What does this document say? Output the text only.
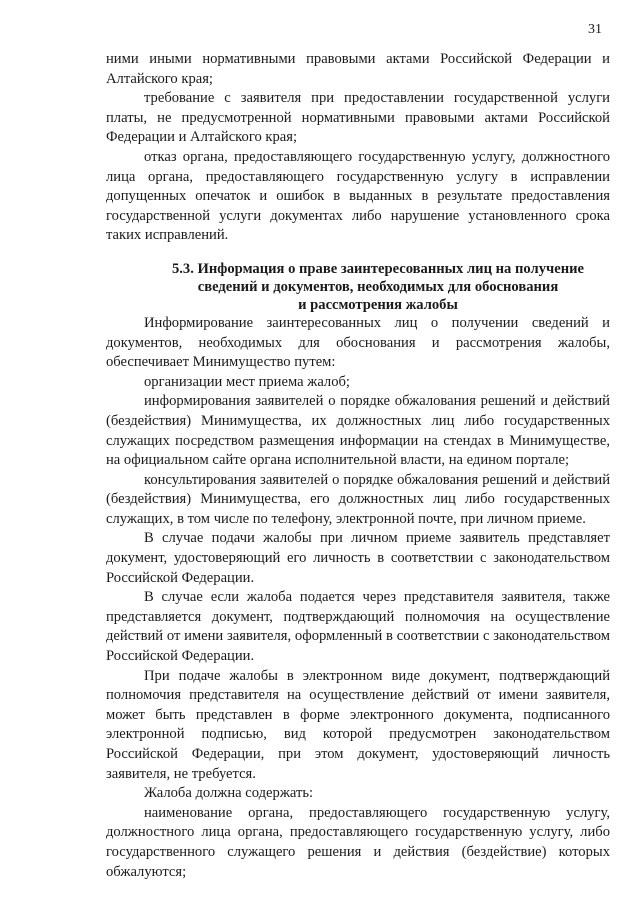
31

ними иными нормативными правовыми актами Российской Федерации и Алтайского края;

требование с заявителя при предоставлении государственной услуги платы, не предусмотренной нормативными правовыми актами Российской Федерации и Алтайского края;

отказ органа, предоставляющего государственную услугу, должностного лица органа, предоставляющего государственную услугу в исправлении допущенных опечаток и ошибок в выданных в результате предоставления государственной услуги документах либо нарушение установленного срока таких исправлений.

5.3. Информация о праве заинтересованных лиц на получение
сведений и документов, необходимых для обоснования
и рассмотрения жалобы

Информирование заинтересованных лиц о получении сведений и документов, необходимых для обоснования и рассмотрения жалобы, обеспечивает Минимущество путем:

организации мест приема жалоб;

информирования заявителей о порядке обжалования решений и действий (бездействия) Минимущества, их должностных лиц либо государственных служащих посредством размещения информации на стендах в Минимуществе, на официальном сайте органа исполнительной власти, на едином портале;

консультирования заявителей о порядке обжалования решений и действий (бездействия) Минимущества, его должностных лиц либо государственных служащих, в том числе по телефону, электронной почте, при личном приеме.

В случае подачи жалобы при личном приеме заявитель представляет документ, удостоверяющий его личность в соответствии с законодательством Российской Федерации.

В случае если жалоба подается через представителя заявителя, также представляется документ, подтверждающий полномочия на осуществление действий от имени заявителя, оформленный в соответствии с законодательством Российской Федерации.

При подаче жалобы в электронном виде документ, подтверждающий полномочия представителя на осуществление действий от имени заявителя, может быть представлен в форме электронного документа, подписанного электронной подписью, вид которой предусмотрен законодательством Российской Федерации, при этом документ, удостоверяющий личность заявителя, не требуется.

Жалоба должна содержать:

наименование органа, предоставляющего государственную услугу, должностного лица органа, предоставляющего государственную услугу, либо государственного служащего решения и действия (бездействие) которых обжалуются;
